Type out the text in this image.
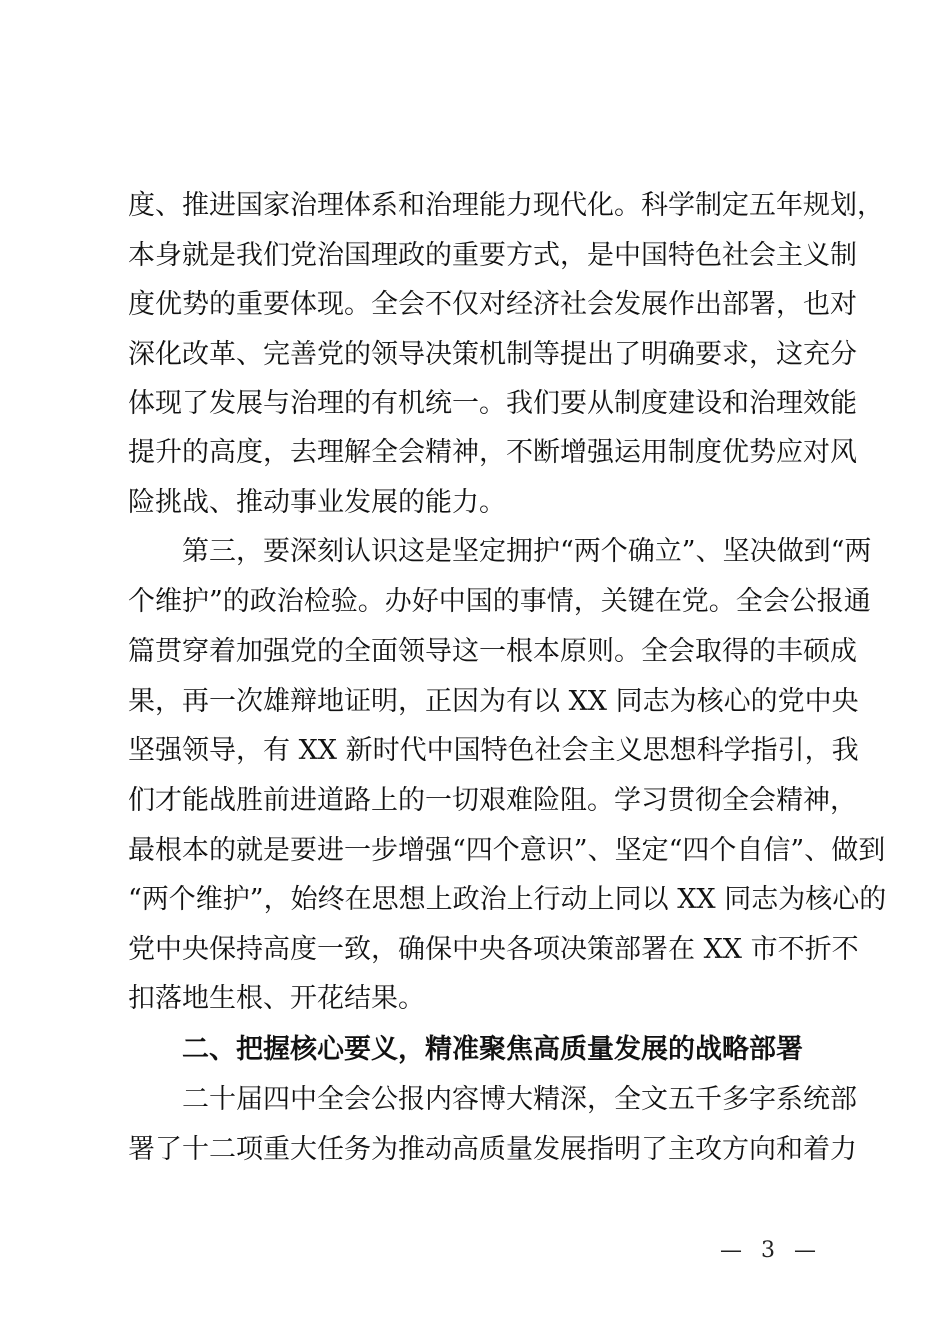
度、推进国家治理体系和治理能力现代化。科学制定五年规划，
本身就是我们党治国理政的重要方式，是中国特色社会主义制
度优势的重要体现。全会不仅对经济社会发展作出部署，也对
深化改革、完善党的领导决策机制等提出了明确要求，这充分
体现了发展与治理的有机统一。我们要从制度建设和治理效能
提升的高度，去理解全会精神，不断增强运用制度优势应对风
险挑战、推动事业发展的能力。
第三，要深刻认识这是坚定拥护“两个确立”、坚决做到“两
个维护”的政治检验。办好中国的事情，关键在党。全会公报通
篇贯穿着加强党的全面领导这一根本原则。全会取得的丰硕成
果，再一次雄辩地证明，正因为有以 XX 同志为核心的党中央
坚强领导，有 XX 新时代中国特色社会主义思想科学指引，我
们才能战胜前进道路上的一切艰难险阻。学习贯彻全会精神，
最根本的就是要进一步增强“四个意识”、坚定“四个自信”、做到
“两个维护”，始终在思想上政治上行动上同以 XX 同志为核心的
党中央保持高度一致，确保中央各项决策部署在 XX 市不折不
扣落地生根、开花结果。
二、把握核心要义，精准聚焦高质量发展的战略部署
二十届四中全会公报内容博大精深，全文五千多字系统部
署了十二项重大任务为推动高质量发展指明了主攻方向和着力
— 3 —
